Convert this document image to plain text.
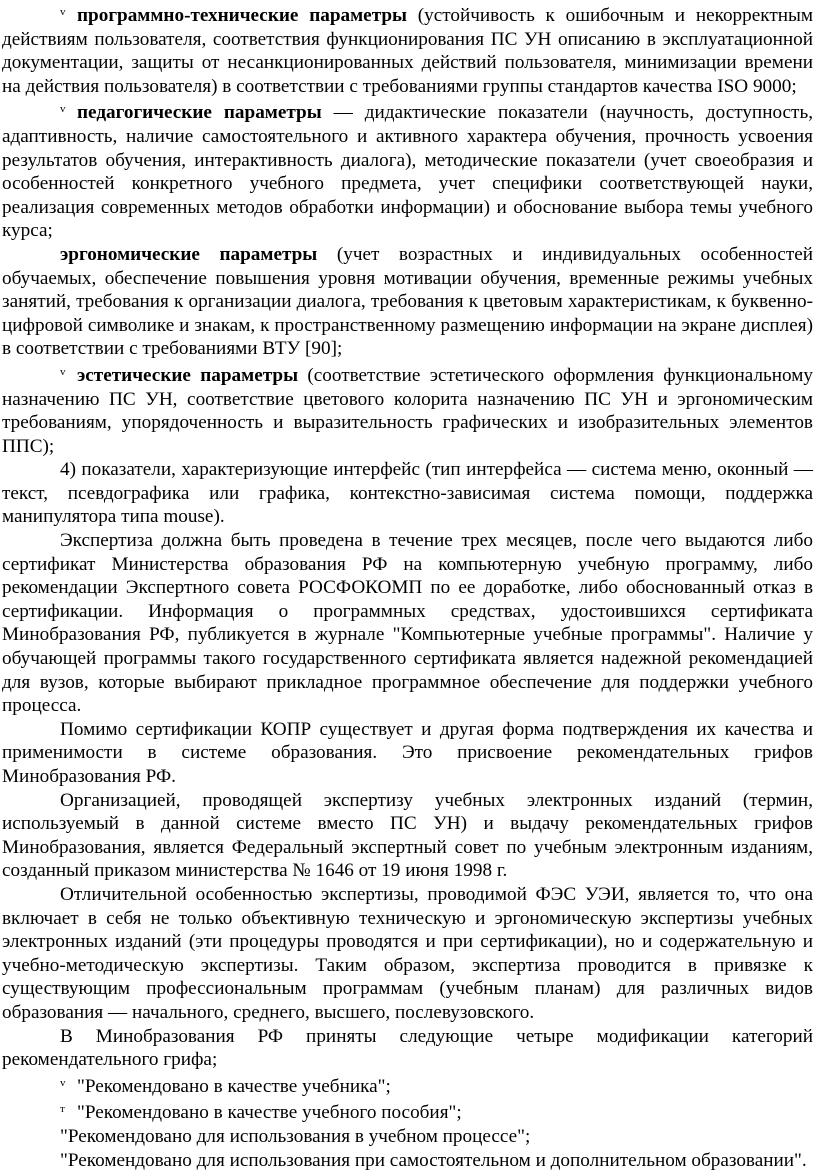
v программно-технические параметры (устойчивость к ошибочным и некорректным действиям пользователя, соответствия функционирования ПС УН описанию в эксплуатационной документации, защиты от несанкционированных действий пользователя, минимизации времени на действия пользователя) в соответствии с требованиями группы стандартов качества ISO 9000;

v педагогические параметры — дидактические показатели (научность, доступность, адаптивность, наличие самостоятельного и активного характера обучения, прочность усвоения результатов обучения, интерактивность диалога), методические показатели (учет своеобразия и особенностей конкретного учебного предмета, учет специфики соответствующей науки, реализация современных методов обработки информации) и обоснование выбора темы учебного курса;

эргономические параметры (учет возрастных и индивидуальных особенностей обучаемых, обеспечение повышения уровня мотивации обучения, временные режимы учебных занятий, требования к организации диалога, требования к цветовым характеристикам, к буквенно-цифровой символике и знакам, к пространственному размещению информации на экране дисплея) в соответствии с требованиями ВТУ [90];

v эстетические параметры (соответствие эстетического оформления функциональному назначению ПС УН, соответствие цветового колорита назначению ПС УН и эргономическим требованиям, упорядоченность и выразительность графических и изобразительных элементов ППС);

4) показатели, характеризующие интерфейс (тип интерфейса — система меню, оконный — текст, псевдографика или графика, контекстно-зависимая система помощи, поддержка манипулятора типа mouse).

Экспертиза должна быть проведена в течение трех месяцев, после чего выдаются либо сертификат Министерства образования РФ на компьютерную учебную программу, либо рекомендации Экспертного совета РОСФОКОМП по ее доработке, либо обоснованный отказ в сертификации. Информация о программных средствах, удостоившихся сертификата Минобразования РФ, публикуется в журнале "Компьютерные учебные программы". Наличие у обучающей программы такого государственного сертификата является надежной рекомендацией для вузов, которые выбирают прикладное программное обеспечение для поддержки учебного процесса.

Помимо сертификации КОПР существует и другая форма подтверждения их качества и применимости в системе образования. Это присвоение рекомендательных грифов Минобразования РФ.

Организацией, проводящей экспертизу учебных электронных изданий (термин, используемый в данной системе вместо ПС УН) и выдачу рекомендательных грифов Минобразования, является Федеральный экспертный совет по учебным электронным изданиям, созданный приказом министерства № 1646 от 19 июня 1998 г.

Отличительной особенностью экспертизы, проводимой ФЭС УЭИ, является то, что она включает в себя не только объективную техническую и эргономическую экспертизы учебных электронных изданий (эти процедуры проводятся и при сертификации), но и содержательную и учебно-методическую экспертизы. Таким образом, экспертиза проводится в привязке к существующим профессиональным программам (учебным планам) для различных видов образования — начального, среднего, высшего, послевузовского.

В Минобразования РФ приняты следующие четыре модификации категорий рекомендательного грифа;

v "Рекомендовано в качестве учебника";

т "Рекомендовано в качестве учебного пособия";

"Рекомендовано для использования в учебном процессе";

"Рекомендовано для использования при самостоятельном и дополнительном образовании".
